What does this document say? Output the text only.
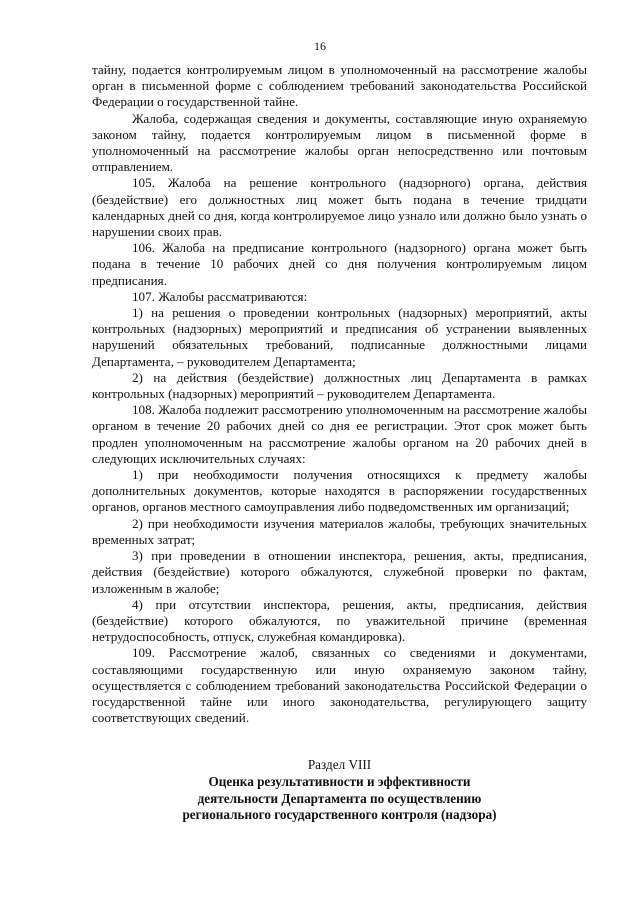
16

тайну, подается контролируемым лицом в уполномоченный на рассмотрение жалобы орган в письменной форме с соблюдением требований законодательства Российской Федерации о государственной тайне.

Жалоба, содержащая сведения и документы, составляющие иную охраняемую законом тайну, подается контролируемым лицом в письменной форме в уполномоченный на рассмотрение жалобы орган непосредственно или почтовым отправлением.

105. Жалоба на решение контрольного (надзорного) органа, действия (бездействие) его должностных лиц может быть подана в течение тридцати календарных дней со дня, когда контролируемое лицо узнало или должно было узнать о нарушении своих прав.

106. Жалоба на предписание контрольного (надзорного) органа может быть подана в течение 10 рабочих дней со дня получения контролируемым лицом предписания.

107. Жалобы рассматриваются:

1) на решения о проведении контрольных (надзорных) мероприятий, акты контрольных (надзорных) мероприятий и предписания об устранении выявленных нарушений обязательных требований, подписанные должностными лицами Департамента, – руководителем Департамента;

2) на действия (бездействие) должностных лиц Департамента в рамках контрольных (надзорных) мероприятий – руководителем Департамента.

108. Жалоба подлежит рассмотрению уполномоченным на рассмотрение жалобы органом в течение 20 рабочих дней со дня ее регистрации. Этот срок может быть продлен уполномоченным на рассмотрение жалобы органом на 20 рабочих дней в следующих исключительных случаях:

1) при необходимости получения относящихся к предмету жалобы дополнительных документов, которые находятся в распоряжении государственных органов, органов местного самоуправления либо подведомственных им организаций;

2) при необходимости изучения материалов жалобы, требующих значительных временных затрат;

3) при проведении в отношении инспектора, решения, акты, предписания, действия (бездействие) которого обжалуются, служебной проверки по фактам, изложенным в жалобе;

4) при отсутствии инспектора, решения, акты, предписания, действия (бездействие) которого обжалуются, по уважительной причине (временная нетрудоспособность, отпуск, служебная командировка).

109. Рассмотрение жалоб, связанных со сведениями и документами, составляющими государственную или иную охраняемую законом тайну, осуществляется с соблюдением требований законодательства Российской Федерации о государственной тайне или иного законодательства, регулирующего защиту соответствующих сведений.

Раздел VIII
Оценка результативности и эффективности
деятельности Департамента по осуществлению
регионального государственного контроля (надзора)
